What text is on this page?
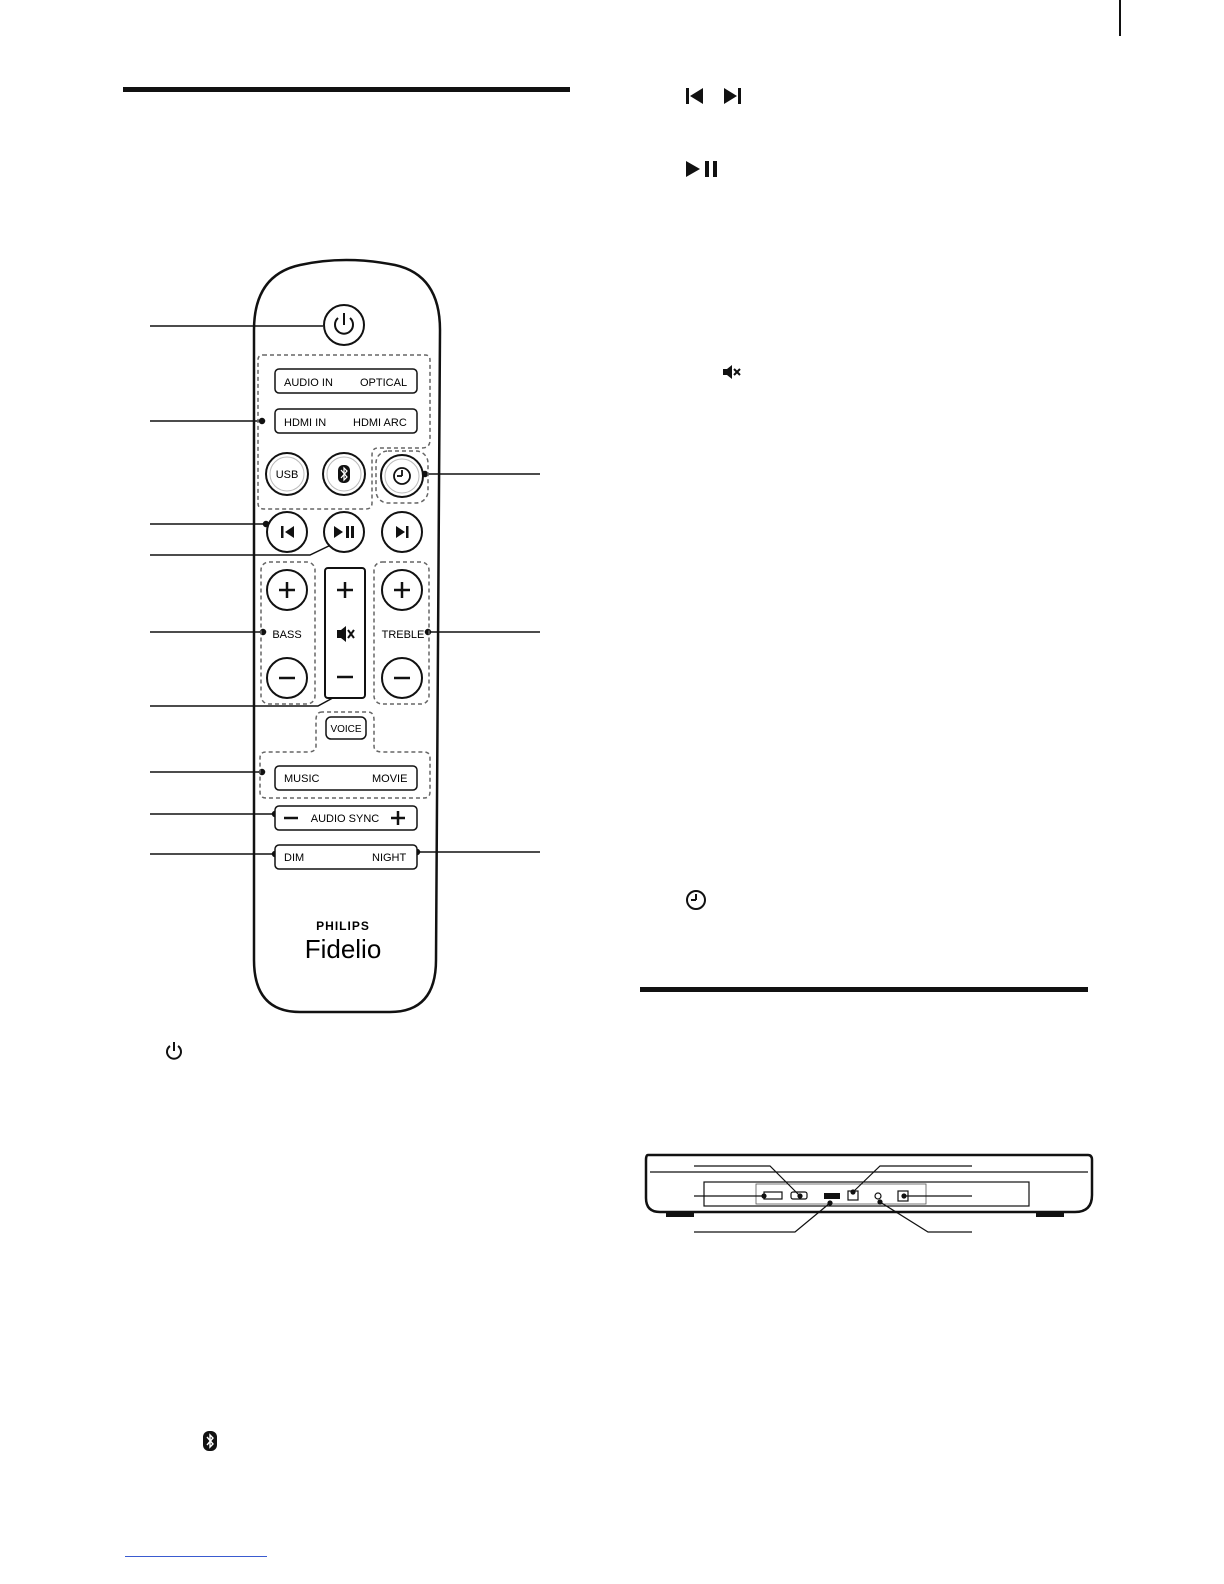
AUDIO IN OPTICAL
HDMI IN HDMI ARC
USB
BASS	TREBLE
VOICE
MUSIC	MOVIE
AUDIO SYNC
DIM	NIGHT
PHILIPS
Fidelio
